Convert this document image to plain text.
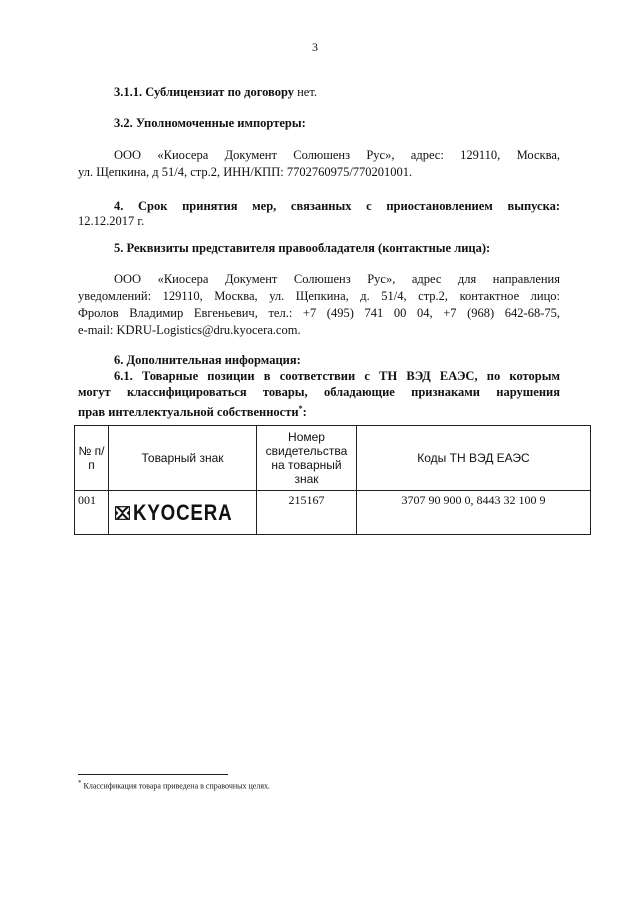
3
3.1.1. Сублицензиат по договору нет.
3.2. Уполномоченные импортеры:
ООО «Киосера Документ Солюшенз Рус», адрес: 129110, Москва,
ул. Щепкина, д 51/4, стр.2, ИНН/КПП: 7702760975/770201001.
4. Срок принятия мер, связанных с приостановлением выпуска:
12.12.2017 г.
5. Реквизиты представителя правообладателя (контактные лица):
ООО «Киосера Документ Солюшенз Рус», адрес для направления
уведомлений: 129110, Москва, ул. Щепкина, д. 51/4, стр.2, контактное лицо:
Фролов Владимир Евгеньевич, тел.: +7 (495) 741 00 04, +7 (968) 642-68-75,
e-mail: KDRU-Logistics@dru.kyocera.com.
6. Дополнительная информация:
6.1. Товарные позиции в соответствии с ТН ВЭД ЕАЭС, по которым
могут классифицироваться товары, обладающие признаками нарушения
прав интеллектуальной собственности*:
№ п/п	Товарный знак	Номер свидетельства на товарный знак	Коды ТН ВЭД ЕАЭС
001	KYOCERA	215167	3707 90 900 0, 8443 32 100 9
* Классификация товара приведена в справочных целях.
